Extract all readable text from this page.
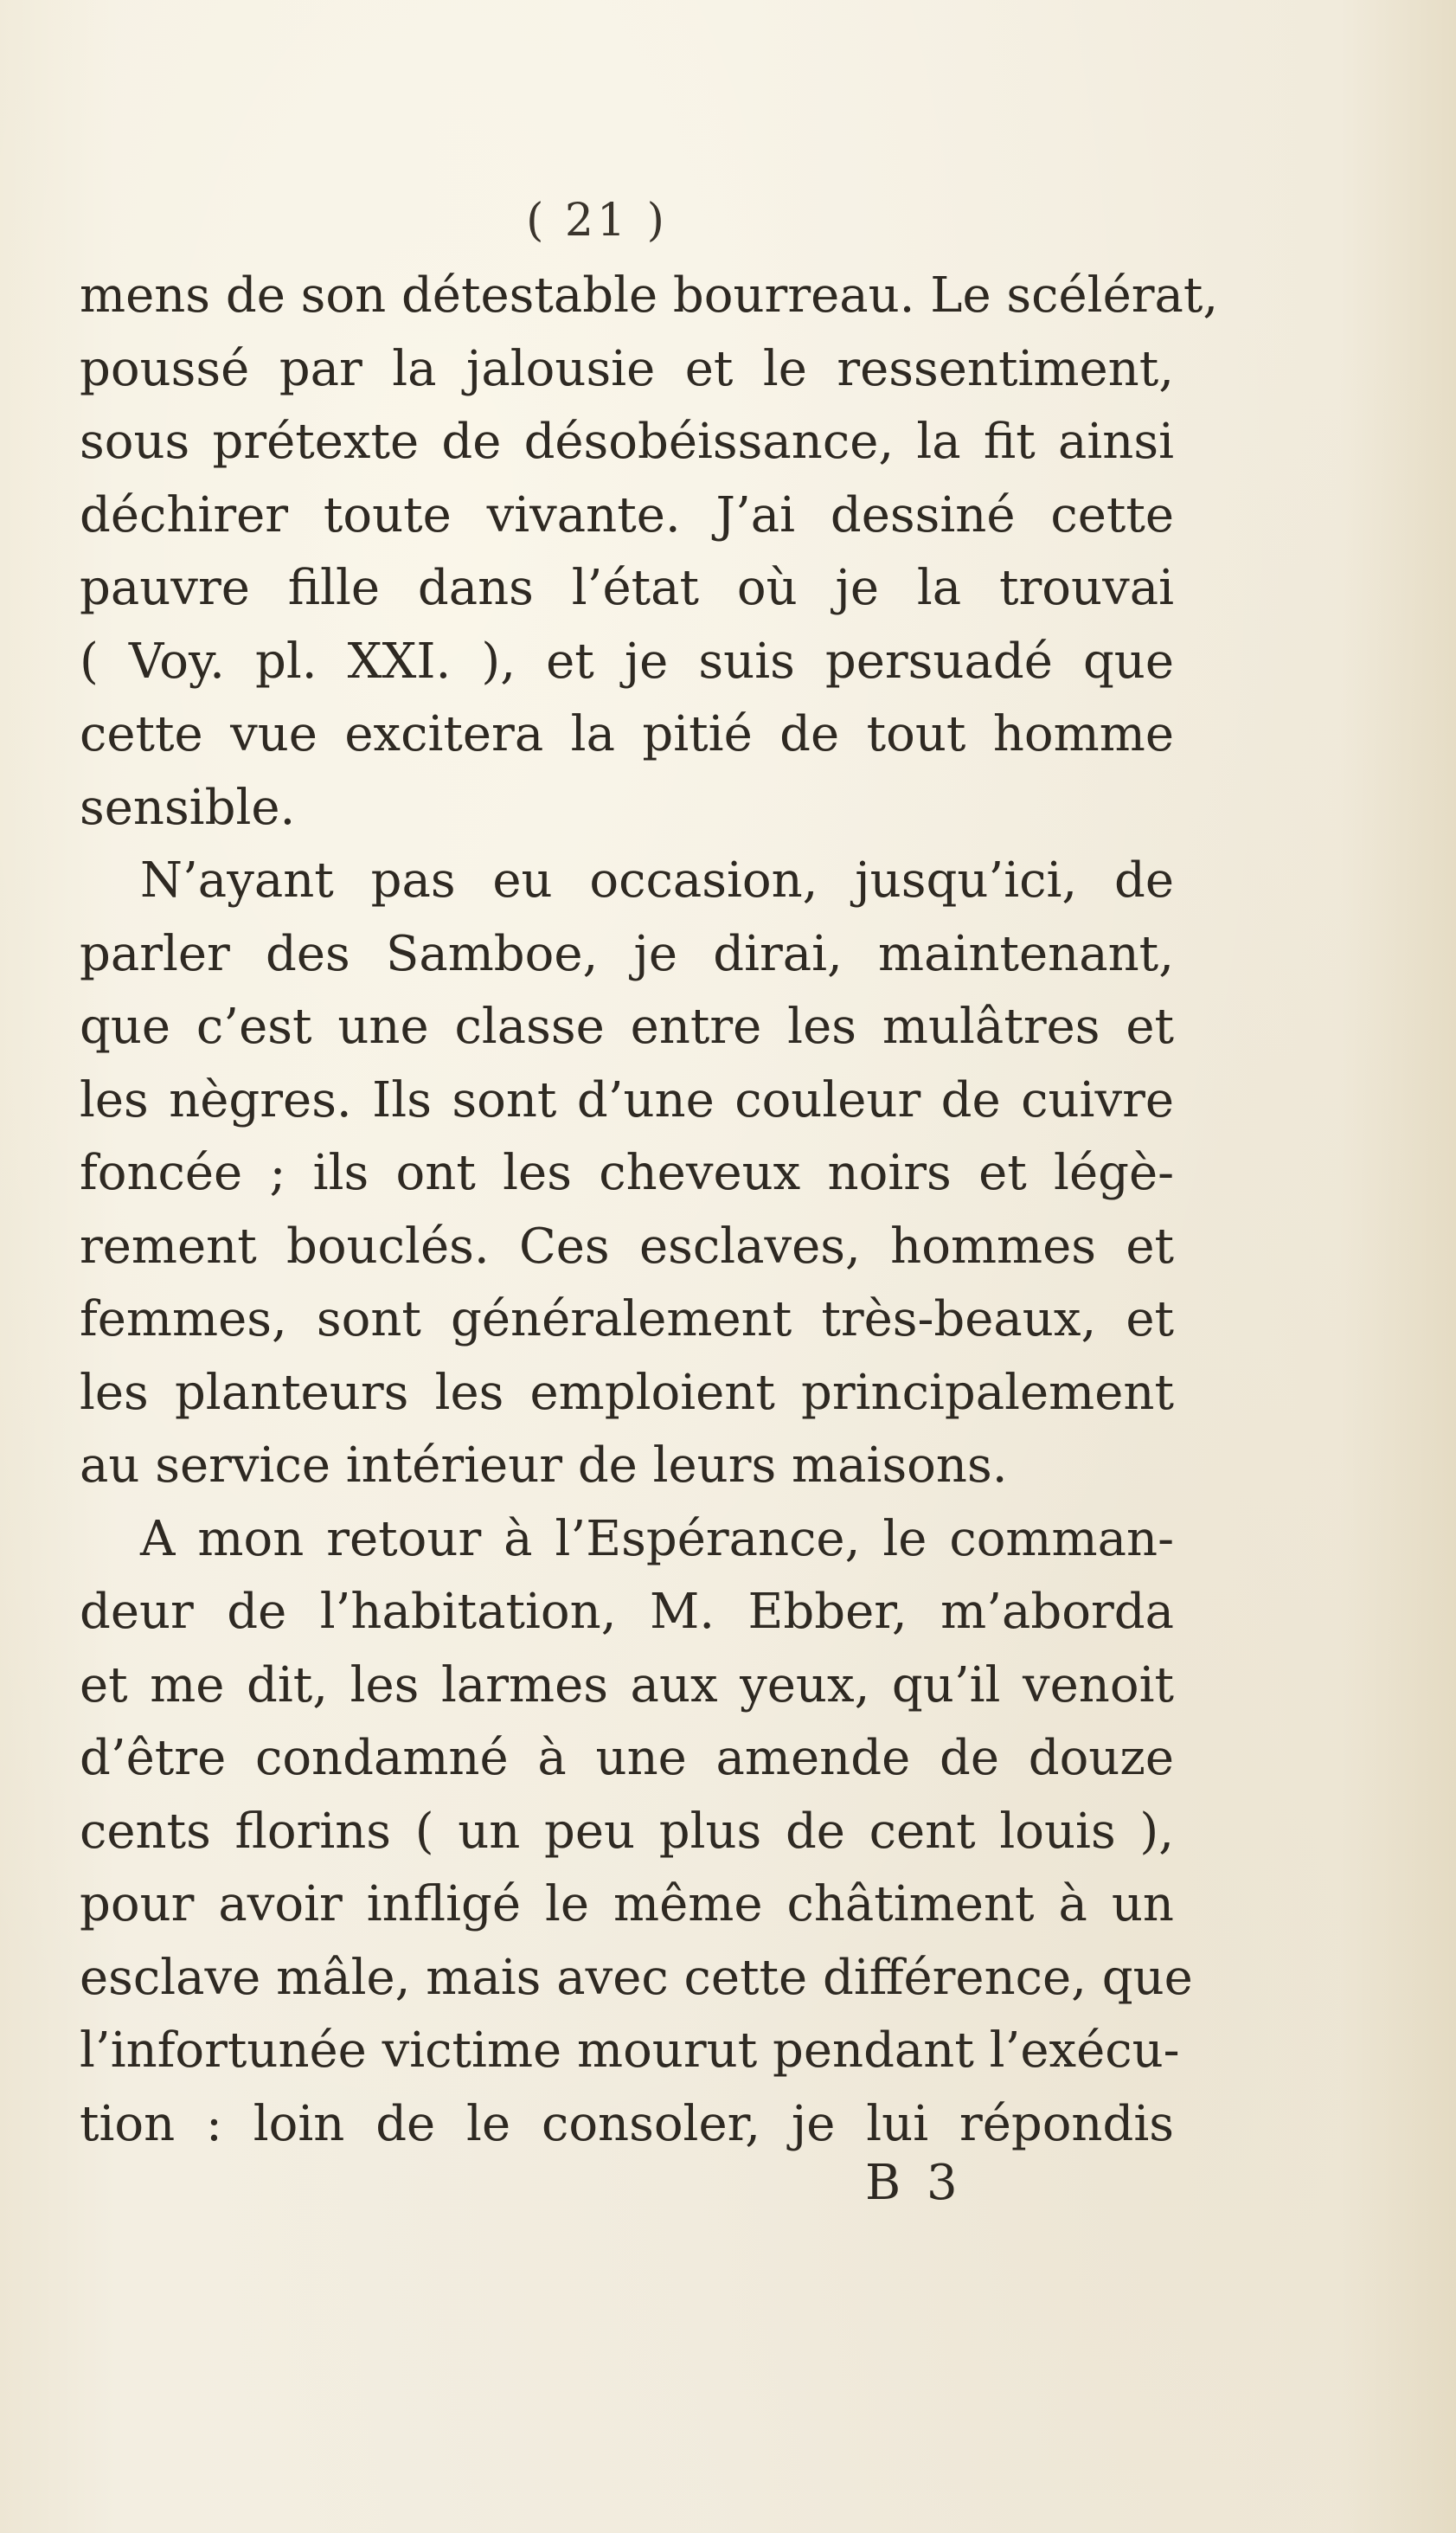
( 21 )
mens de son détestable bourreau. Le scélérat,
poussé par la jalousie et le ressentiment,
sous prétexte de désobéissance, la fit ainsi
déchirer toute vivante. J’ai dessiné cette
pauvre fille dans l’état où je la trouvai
( Voy. pl. XXI. ), et je suis persuadé que
cette vue excitera la pitié de tout homme
sensible.
N’ayant pas eu occasion, jusqu’ici, de
parler des Samboe, je dirai, maintenant,
que c’est une classe entre les mulâtres et
les nègres. Ils sont d’une couleur de cuivre
foncée ; ils ont les cheveux noirs et légè-
rement bouclés. Ces esclaves, hommes et
femmes, sont généralement très-beaux, et
les planteurs les emploient principalement
au service intérieur de leurs maisons.
A mon retour à l’Espérance, le comman-
deur de l’habitation, M. Ebber, m’aborda
et me dit, les larmes aux yeux, qu’il venoit
d’être condamné à une amende de douze
cents florins ( un peu plus de cent louis ),
pour avoir infligé le même châtiment à un
esclave mâle, mais avec cette différence, que
l’infortunée victime mourut pendant l’exécu-
tion : loin de le consoler, je lui répondis
B 3
